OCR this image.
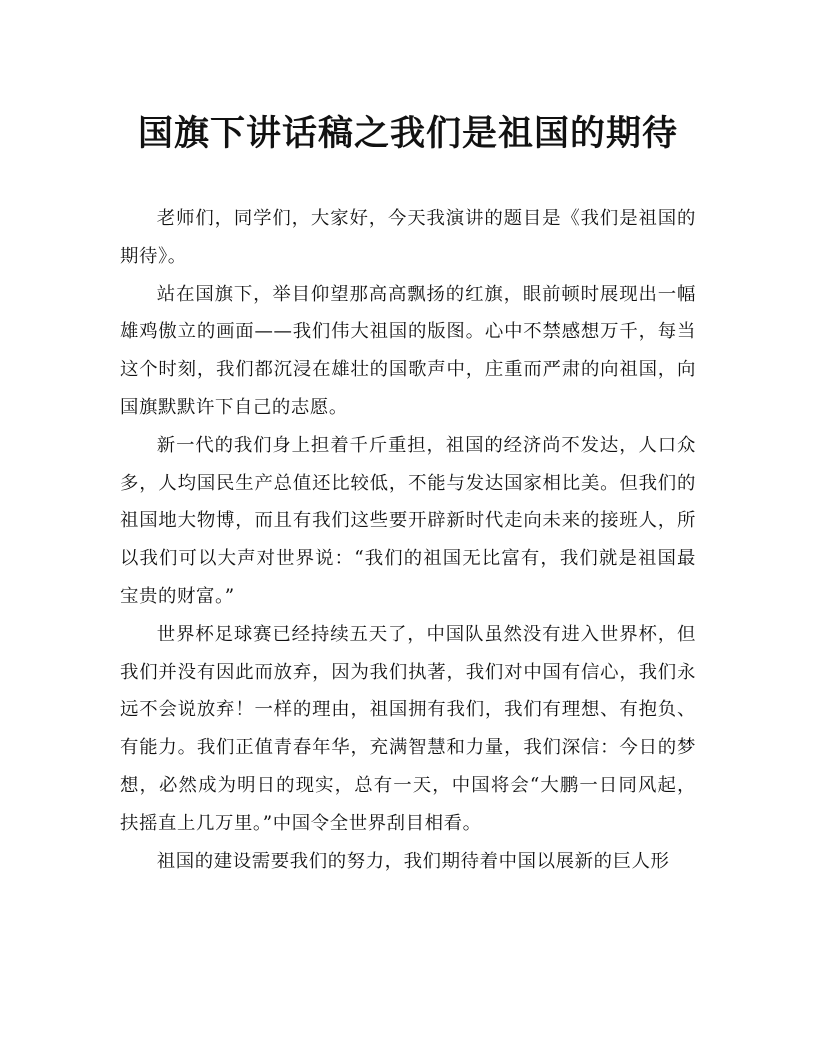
国旗下讲话稿之我们是祖国的期待

老师们，同学们，大家好，今天我演讲的题目是《我们是祖国的期待》。

站在国旗下，举目仰望那高高飘扬的红旗，眼前顿时展现出一幅雄鸡傲立的画面——我们伟大祖国的版图。心中不禁感想万千，每当这个时刻，我们都沉浸在雄壮的国歌声中，庄重而严肃的向祖国，向国旗默默许下自己的志愿。

新一代的我们身上担着千斤重担，祖国的经济尚不发达，人口众多，人均国民生产总值还比较低，不能与发达国家相比美。但我们的祖国地大物博，而且有我们这些要开辟新时代走向未来的接班人，所以我们可以大声对世界说：“我们的祖国无比富有，我们就是祖国最宝贵的财富。”

世界杯足球赛已经持续五天了，中国队虽然没有进入世界杯，但我们并没有因此而放弃，因为我们执著，我们对中国有信心，我们永远不会说放弃！一样的理由，祖国拥有我们，我们有理想、有抱负、有能力。我们正值青春年华，充满智慧和力量，我们深信：今日的梦想，必然成为明日的现实，总有一天，中国将会“大鹏一日同风起，扶摇直上几万里。”中国令全世界刮目相看。

祖国的建设需要我们的努力，我们期待着中国以展新的巨人形
